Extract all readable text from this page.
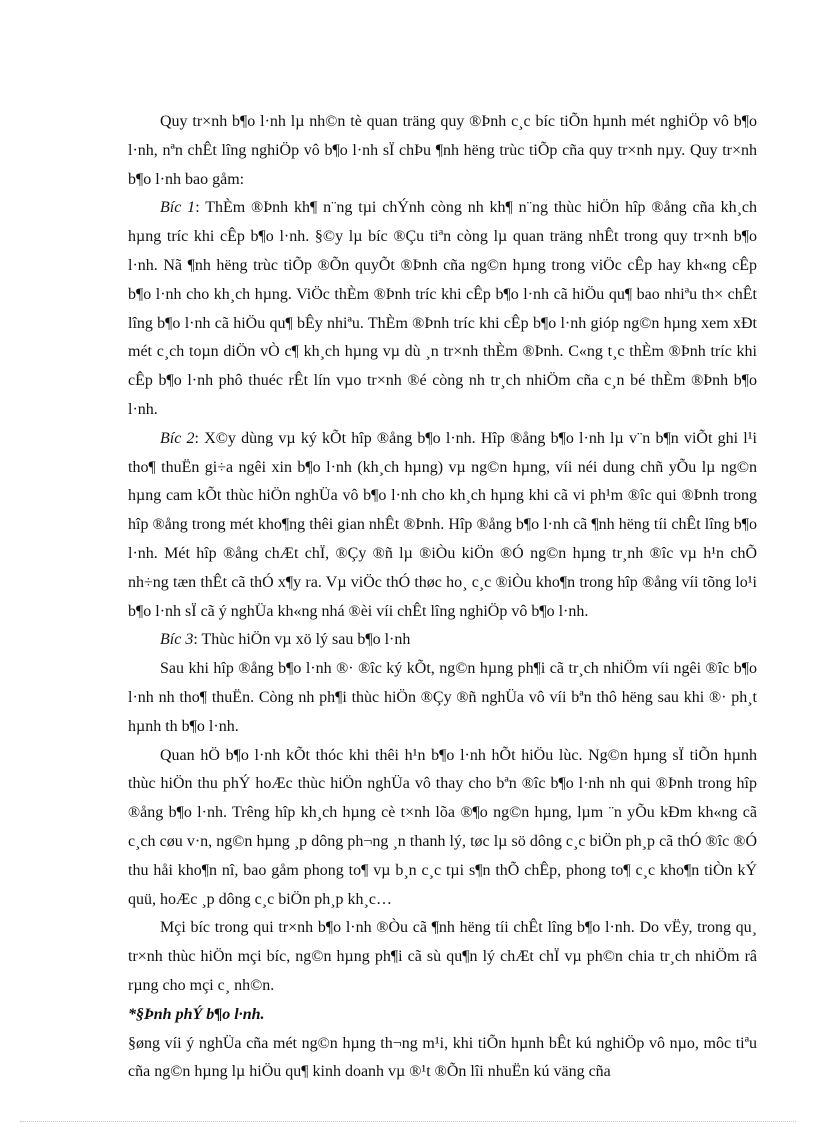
Quy tr×nh b¶o l·nh lµ nh©n tè quan träng quy ®Þnh c¸c bíc tiÕn hµnh mét nghiÖp vô b¶o l·nh, nªn chÊt lîng nghiÖp vô b¶o l·nh sÏ chÞu ¶nh hëng trùc tiÕp cña quy tr×nh nµy. Quy tr×nh b¶o l·nh bao gåm:

Bíc 1: ThÈm ®Þnh kh¶ n¨ng tµi chÝnh còng nh kh¶ n¨ng thùc hiÖn hîp ®ång cña kh¸ch hµng tríc khi cÊp b¶o l·nh. §©y lµ bíc ®Çu tiªn còng lµ quan träng nhÊt trong quy tr×nh b¶o l·nh. Nã ¶nh hëng trùc tiÕp ®Õn quyÕt ®Þnh cña ng©n hµng trong viÖc cÊp hay kh«ng cÊp b¶o l·nh cho kh¸ch hµng. ViÖc thÈm ®Þnh tríc khi cÊp b¶o l·nh cã hiÖu qu¶ bao nhiªu th× chÊt lîng b¶o l·nh cã hiÖu qu¶ bÊy nhiªu. ThÈm ®Þnh tríc khi cÊp b¶o l·nh gióp ng©n hµng xem xÐt mét c¸ch toµn diÖn vÒ c¶ kh¸ch hµng vµ dù ¸n tr×nh thÈm ®Þnh. C«ng t¸c thÈm ®Þnh tríc khi cÊp b¶o l·nh phô thuéc rÊt lín vµo tr×nh ®é còng nh tr¸ch nhiÖm cña c¸n bé thÈm ®Þnh b¶o l·nh.

Bíc 2: X©y dùng vµ ký kÕt hîp ®ång b¶o l·nh. Hîp ®ång b¶o l·nh lµ v¨n b¶n viÕt ghi l¹i tho¶ thuËn gi÷a ngêi xin b¶o l·nh (kh¸ch hµng) vµ ng©n hµng, víi néi dung chñ yÕu lµ ng©n hµng cam kÕt thùc hiÖn nghÜa vô b¶o l·nh cho kh¸ch hµng khi cã vi ph¹m ®îc qui ®Þnh trong hîp ®ång trong mét kho¶ng thêi gian nhÊt ®Þnh. Hîp ®ång b¶o l·nh cã ¶nh hëng tíi chÊt lîng b¶o l·nh. Mét hîp ®ång chÆt chÏ, ®Çy ®ñ lµ ®iÒu kiÖn ®Ó ng©n hµng tr¸nh ®îc vµ h¹n chÕ nh÷ng tæn thÊt cã thÓ x¶y ra. Vµ viÖc thÓ thøc ho¸ c¸c ®iÒu kho¶n trong hîp ®ång víi tõng lo¹i b¶o l·nh sÏ cã ý nghÜa kh«ng nhá ®èi víi chÊt lîng nghiÖp vô b¶o l·nh.

Bíc 3: Thùc hiÖn vµ xö lý sau b¶o l·nh

Sau khi hîp ®ång b¶o l·nh ®· ®îc ký kÕt, ng©n hµng ph¶i cã tr¸ch nhiÖm víi ngêi ®îc b¶o l·nh nh tho¶ thuËn. Còng nh ph¶i thùc hiÖn ®Çy ®ñ nghÜa vô víi bªn thô hëng sau khi ®· ph¸t hµnh th b¶o l·nh.

Quan hÖ b¶o l·nh kÕt thóc khi thêi h¹n b¶o l·nh hÕt hiÖu lùc. Ng©n hµng sÏ tiÕn hµnh thùc hiÖn thu phÝ hoÆc thùc hiÖn nghÜa vô thay cho bªn ®îc b¶o l·nh nh qui ®Þnh trong hîp ®ång b¶o l·nh. Trêng hîp kh¸ch hµng cè t×nh lõa ®¶o ng©n hµng, lµm ¨n yÕu kÐm kh«ng cã c¸ch cøu v·n, ng©n hµng ¸p dông ph¬ng ¸n thanh lý, tøc lµ sö dông c¸c biÖn ph¸p cã thÓ ®îc ®Ó thu håi kho¶n nî, bao gåm phong to¶ vµ b¸n c¸c tµi s¶n thÕ chÊp, phong to¶ c¸c kho¶n tiÒn kÝ quü, hoÆc ¸p dông c¸c biÖn ph¸p kh¸c…

Mçi bíc trong qui tr×nh b¶o l·nh ®Òu cã ¶nh hëng tíi chÊt lîng b¶o l·nh. Do vËy, trong qu¸ tr×nh thùc hiÖn mçi bíc, ng©n hµng ph¶i cã sù qu¶n lý chÆt chÏ vµ ph©n chia tr¸ch nhiÖm râ rµng cho mçi c¸ nh©n.

*§Þnh phÝ b¶o l·nh.

§øng víi ý nghÜa cña mét ng©n hµng th¬ng m¹i, khi tiÕn hµnh bÊt kú nghiÖp vô nµo, môc tiªu cña ng©n hµng lµ hiÖu qu¶ kinh doanh vµ ®¹t ®Õn lîi nhuËn kú väng cña
